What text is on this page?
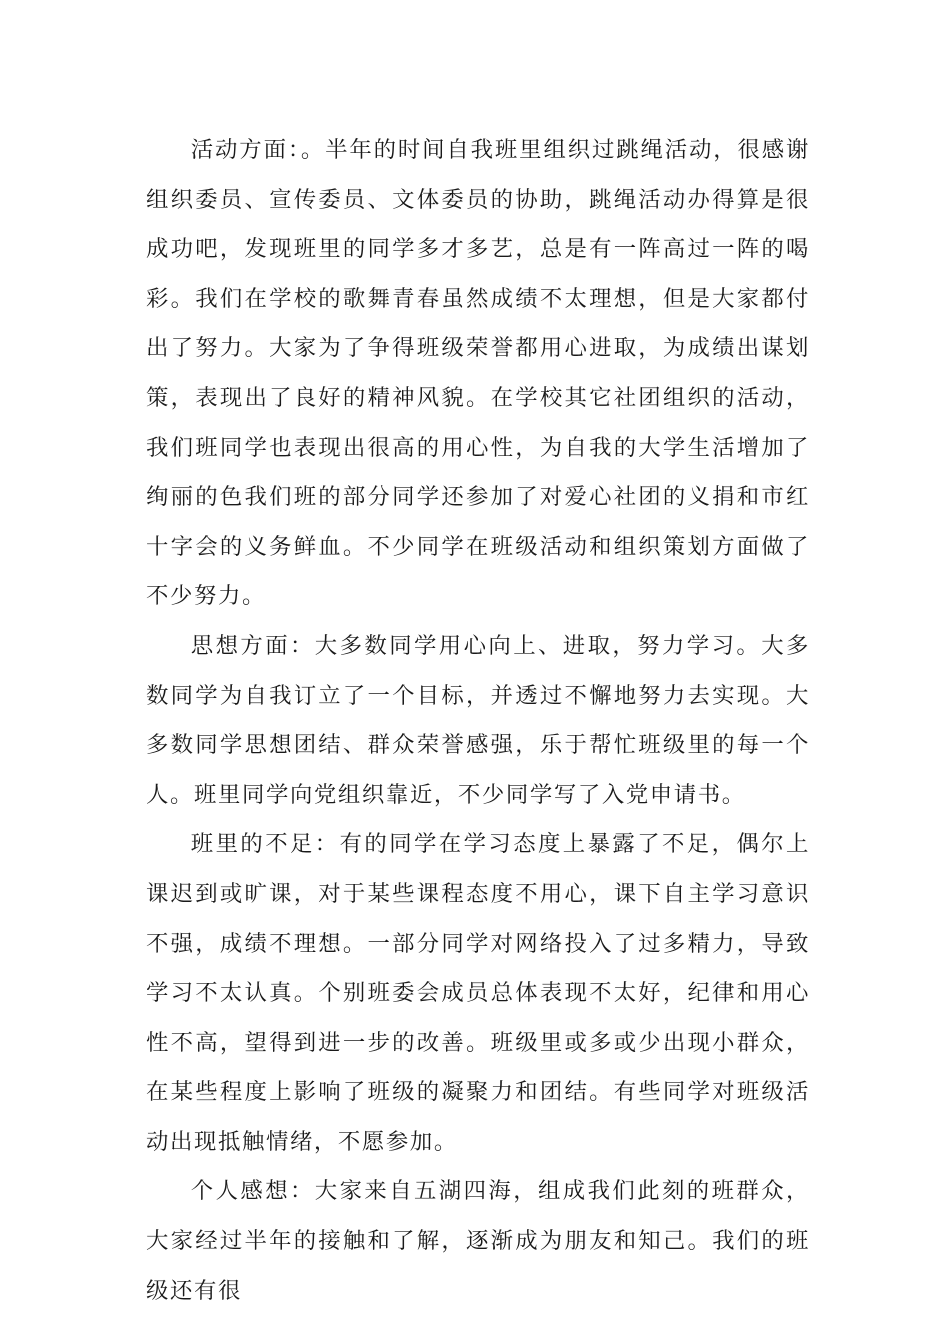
活动方面：。半年的时间自我班里组织过跳绳活动，很感谢组织委员、宣传委员、文体委员的协助，跳绳活动办得算是很成功吧，发现班里的同学多才多艺，总是有一阵高过一阵的喝彩。我们在学校的歌舞青春虽然成绩不太理想，但是大家都付出了努力。大家为了争得班级荣誉都用心进取，为成绩出谋划策，表现出了良好的精神风貌。在学校其它社团组织的活动，我们班同学也表现出很高的用心性，为自我的大学生活增加了绚丽的色我们班的部分同学还参加了对爱心社团的义捐和市红十字会的义务鲜血。不少同学在班级活动和组织策划方面做了不少努力。

思想方面：大多数同学用心向上、进取，努力学习。大多数同学为自我订立了一个目标，并透过不懈地努力去实现。大多数同学思想团结、群众荣誉感强，乐于帮忙班级里的每一个人。班里同学向党组织靠近，不少同学写了入党申请书。

班里的不足：有的同学在学习态度上暴露了不足，偶尔上课迟到或旷课，对于某些课程态度不用心，课下自主学习意识不强，成绩不理想。一部分同学对网络投入了过多精力，导致学习不太认真。个别班委会成员总体表现不太好，纪律和用心性不高，望得到进一步的改善。班级里或多或少出现小群众，在某些程度上影响了班级的凝聚力和团结。有些同学对班级活动出现抵触情绪，不愿参加。

个人感想：大家来自五湖四海，组成我们此刻的班群众，大家经过半年的接触和了解，逐渐成为朋友和知己。我们的班级还有很
